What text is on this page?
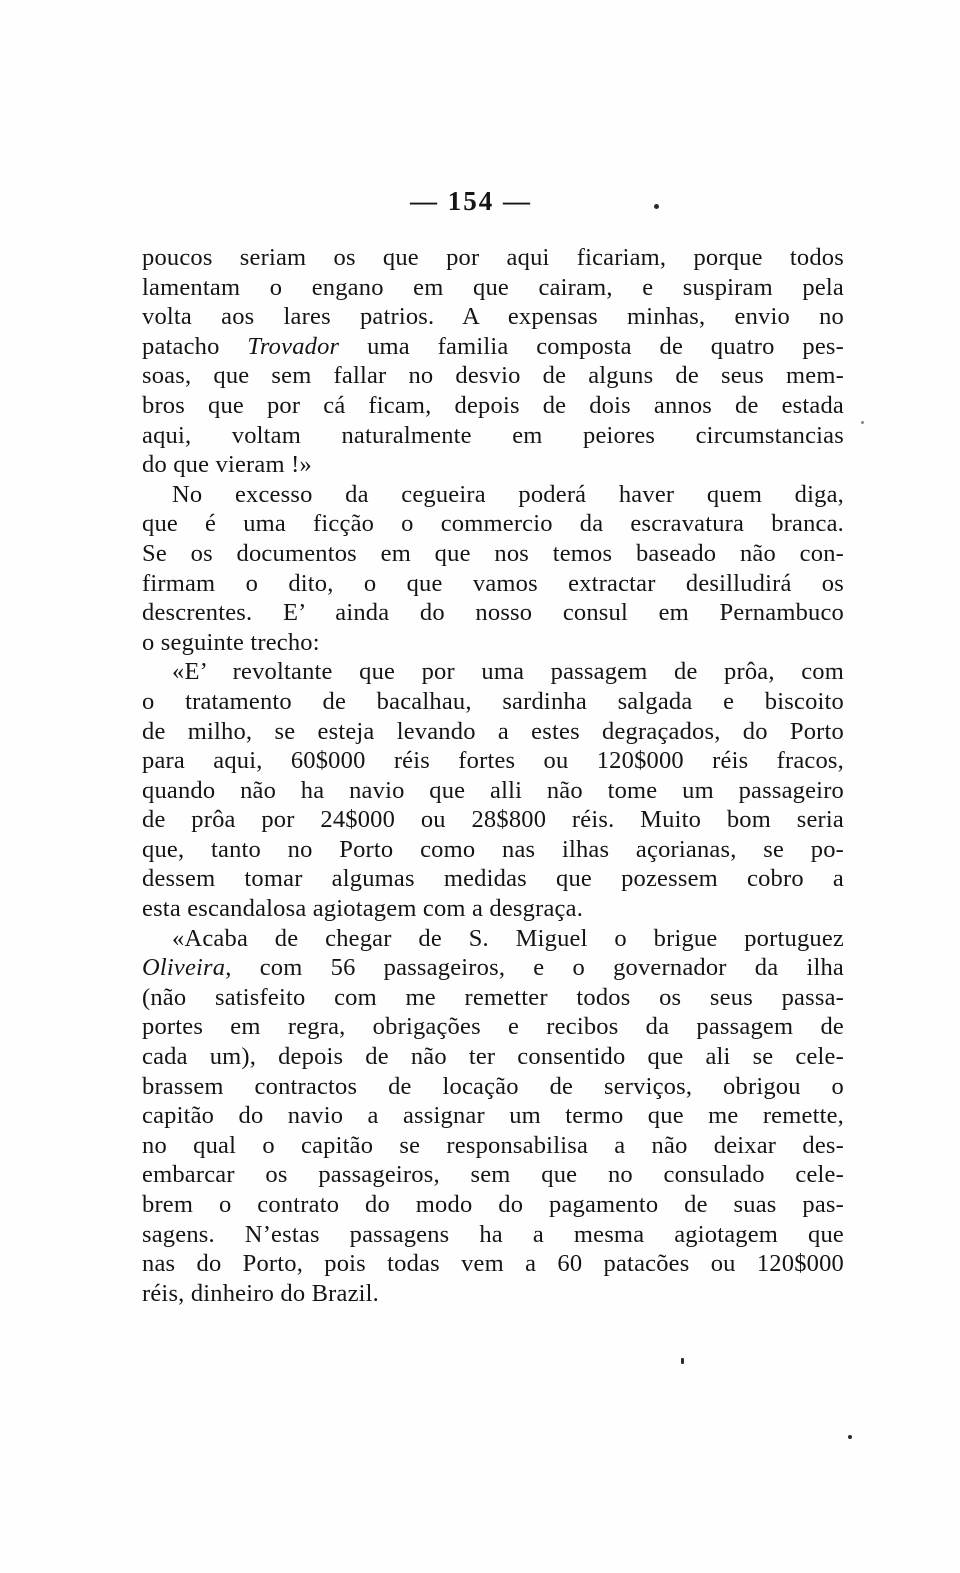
— 154 —
poucos seriam os que por aqui ficariam, porque todos
lamentam o engano em que cairam, e suspiram pela
volta aos lares patrios. A expensas minhas, envio no
patacho Trovador uma familia composta de quatro pes-
soas, que sem fallar no desvio de alguns de seus mem-
bros que por cá ficam, depois de dois annos de estada
aqui, voltam naturalmente em peiores circumstancias
do que vieram !»
No excesso da cegueira poderá haver quem diga,
que é uma ficção o commercio da escravatura branca.
Se os documentos em que nos temos baseado não con-
firmam o dito, o que vamos extractar desilludirá os
descrentes. E’ ainda do nosso consul em Pernambuco
o seguinte trecho:
«E’ revoltante que por uma passagem de prôa, com
o tratamento de bacalhau, sardinha salgada e biscoito
de milho, se esteja levando a estes degraçados, do Porto
para aqui, 60$000 réis fortes ou 120$000 réis fracos,
quando não ha navio que alli não tome um passageiro
de prôa por 24$000 ou 28$800 réis. Muito bom seria
que, tanto no Porto como nas ilhas açorianas, se po-
dessem tomar algumas medidas que pozessem cobro a
esta escandalosa agiotagem com a desgraça.
«Acaba de chegar de S. Miguel o brigue portuguez
Oliveira, com 56 passageiros, e o governador da ilha
(não satisfeito com me remetter todos os seus passa-
portes em regra, obrigações e recibos da passagem de
cada um), depois de não ter consentido que ali se cele-
brassem contractos de locação de serviços, obrigou o
capitão do navio a assignar um termo que me remette,
no qual o capitão se responsabilisa a não deixar des-
embarcar os passageiros, sem que no consulado cele-
brem o contrato do modo do pagamento de suas pas-
sagens. N’estas passagens ha a mesma agiotagem que
nas do Porto, pois todas vem a 60 patacões ou 120$000
réis, dinheiro do Brazil.
